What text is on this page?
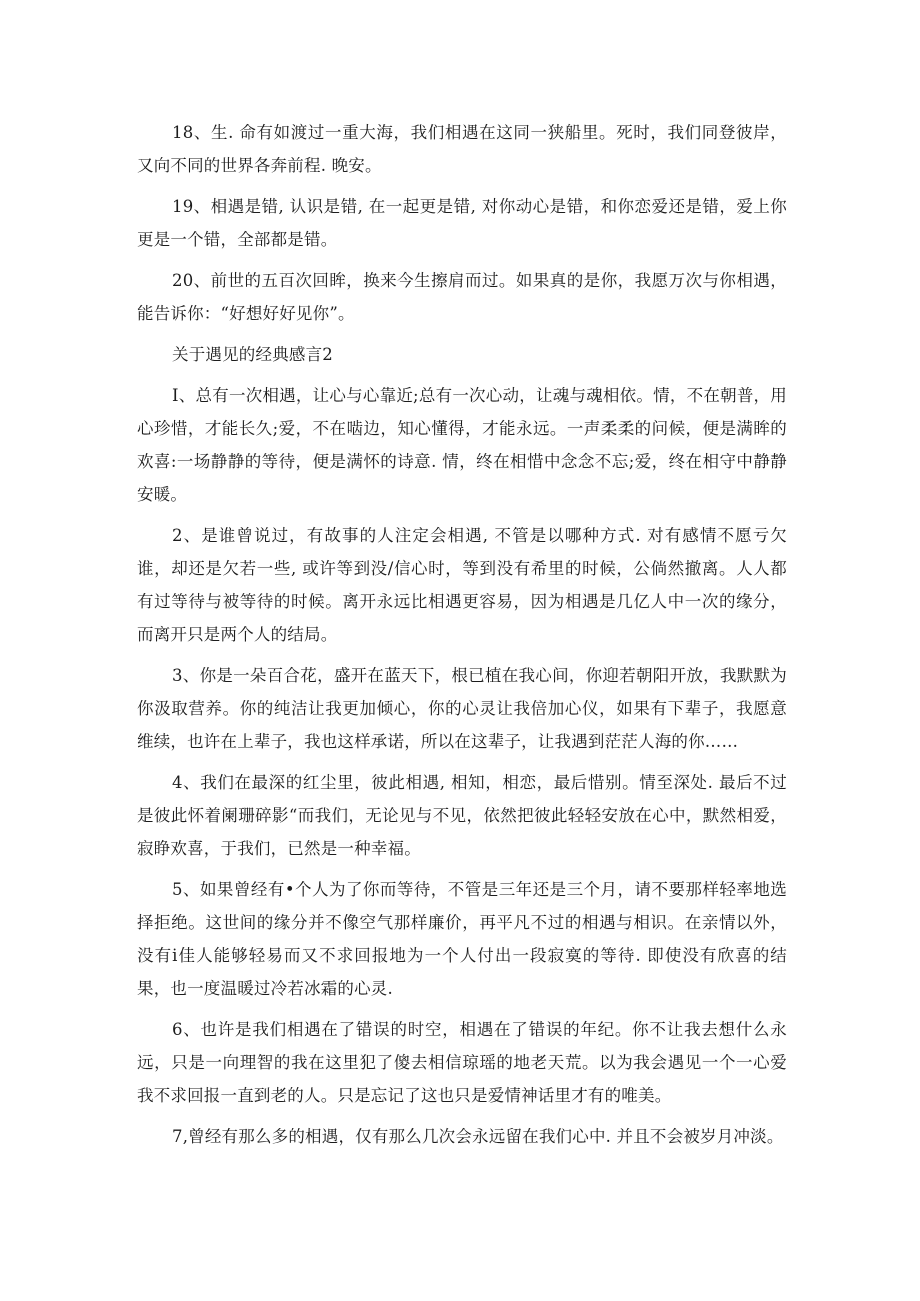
18、生. 命有如渡过一重大海，我们相遇在这同一狭船里。死时，我们同登彼岸，又向不同的世界各奔前程. 晚安。

19、相遇是错, 认识是错, 在一起更是错, 对你动心是错，和你恋爱还是错，爱上你更是一个错，全部都是错。

20、前世的五百次回眸，换来今生擦肩而过。如果真的是你，我愿万次与你相遇，能告诉你：“好想好好见你”。

关于遇见的经典感言2

I、总有一次相遇，让心与心靠近;总有一次心动，让魂与魂相依。情，不在朝普，用心珍惜，才能长久;爱，不在啮边，知心懂得，才能永远。一声柔柔的问候，便是满眸的欢喜:一场静静的等待，便是满怀的诗意. 情，终在相惜中念念不忘;爱，终在相守中静静安暖。

2、是谁曾说过，有故事的人注定会相遇, 不管是以哪种方式. 对有感情不愿亏欠谁，却还是欠若一些, 或许等到没/信心时，等到没有希里的时候，公倘然撤离。人人都有过等待与被等待的时候。离开永远比相遇更容易，因为相遇是几亿人中一次的缘分，而离开只是两个人的结局。

3、你是一朵百合花，盛开在蓝天下，根已植在我心间，你迎若朝阳开放，我默默为你汲取营养。你的纯洁让我更加倾心，你的心灵让我倍加心仪，如果有下辈子，我愿意维续，也许在上辈子，我也这样承诺，所以在这辈子，让我遇到茫茫人海的你……

4、我们在最深的红尘里，彼此相遇, 相知，相恋，最后惜别。情至深处. 最后不过是彼此怀着阑珊碎影“而我们，无论见与不见，依然把彼此轻轻安放在心中，默然相爱，寂睁欢喜，于我们，已然是一种幸福。

5、如果曾经有•个人为了你而等待，不管是三年还是三个月，请不要那样轻率地选择拒绝。这世间的缘分并不像空气那样廉价，再平凡不过的相遇与相识。在亲情以外，没有i佳人能够轻易而又不求回报地为一个人付出一段寂寞的等待. 即使没有欣喜的结果，也一度温暖过冷若冰霜的心灵.

6、也许是我们相遇在了错误的时空，相遇在了错误的年纪。你不让我去想什么永远，只是一向理智的我在这里犯了傻去相信琼瑶的地老天荒。以为我会遇见一个一心爱我不求回报一直到老的人。只是忘记了这也只是爱情神话里才有的唯美。

7,曾经有那么多的相遇，仅有那么几次会永远留在我们心中. 并且不会被岁月冲淡。
